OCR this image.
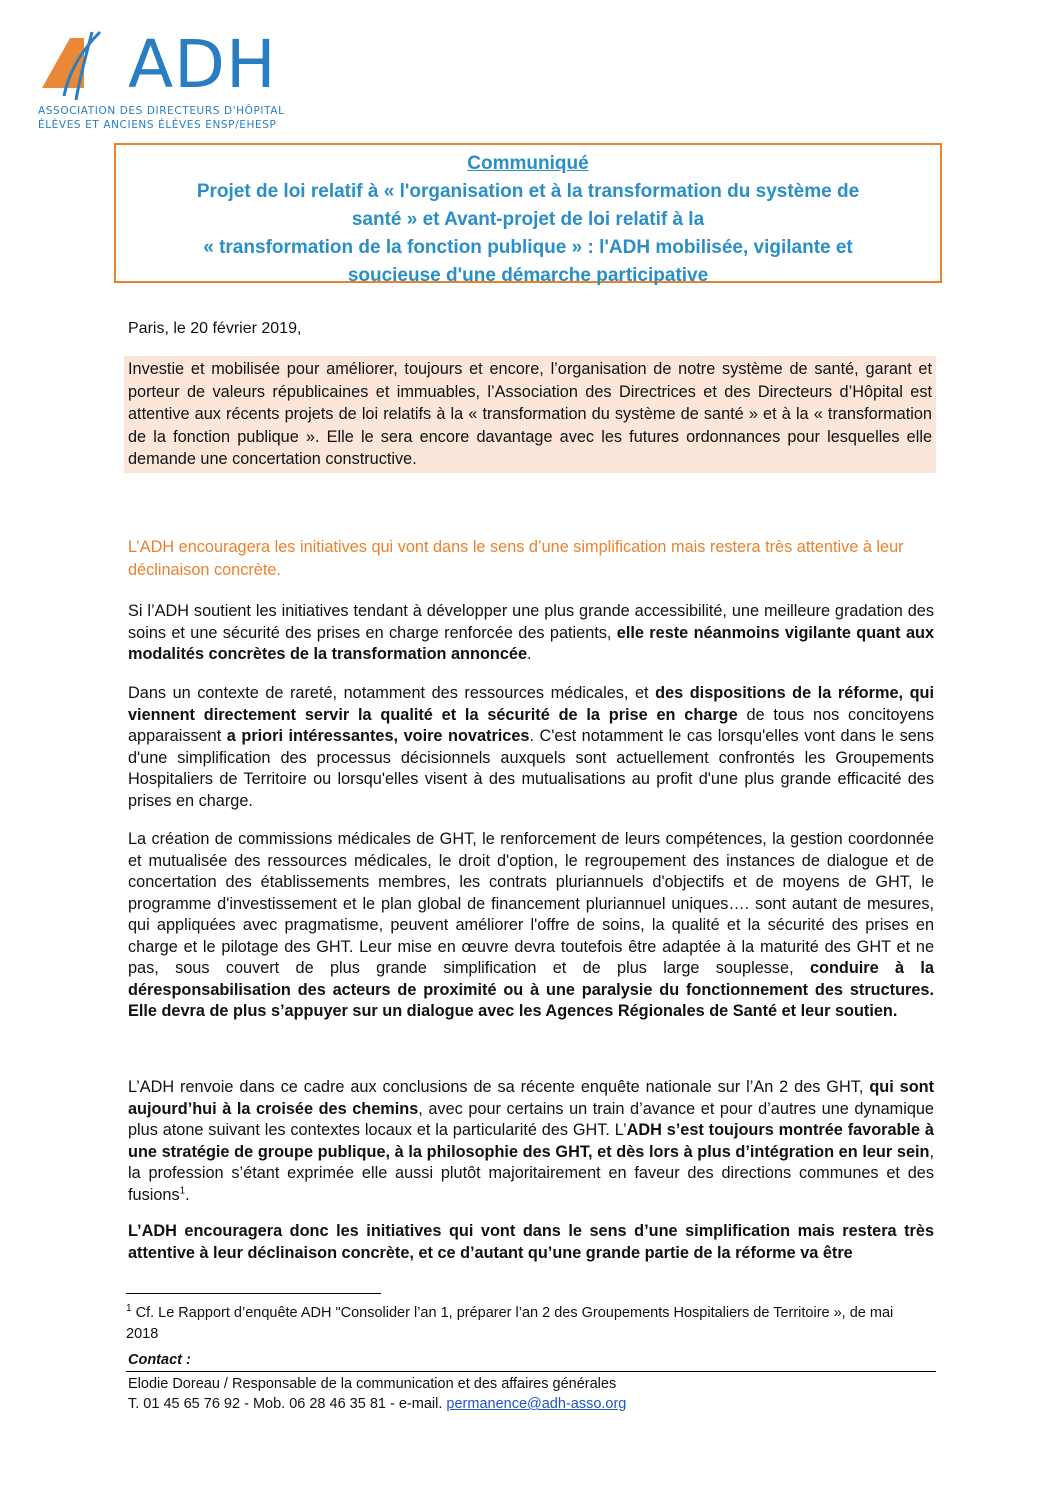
ADH
ASSOCIATION DES DIRECTEURS D'HÔPITAL
ÉLÈVES ET ANCIENS ÉLÈVES ENSP/EHESP
Communiqué
Projet de loi relatif à « l'organisation et à la transformation du système de
santé » et Avant-projet de loi relatif à la
« transformation de la fonction publique » : l'ADH mobilisée, vigilante et
soucieuse d'une démarche participative
Paris, le 20 février 2019,
Investie et mobilisée pour améliorer, toujours et encore, l’organisation de notre système de santé, garant et porteur de valeurs républicaines et immuables, l’Association des Directrices et des Directeurs d’Hôpital est attentive aux récents projets de loi relatifs à la « transformation du système de santé » et à la « transformation de la fonction publique ». Elle le sera encore davantage avec les futures ordonnances pour lesquelles elle demande une concertation constructive.
L’ADH encouragera les initiatives qui vont dans le sens d’une simplification mais restera très attentive à leur déclinaison concrète.
Si l’ADH soutient les initiatives tendant à développer une plus grande accessibilité, une meilleure gradation des soins et une sécurité des prises en charge renforcée des patients, elle reste néanmoins vigilante quant aux modalités concrètes de la transformation annoncée.
Dans un contexte de rareté, notamment des ressources médicales, et des dispositions de la réforme, qui viennent directement servir la qualité et la sécurité de la prise en charge de tous nos concitoyens apparaissent a priori intéressantes, voire novatrices. C'est notamment le cas lorsqu'elles vont dans le sens d'une simplification des processus décisionnels auxquels sont actuellement confrontés les Groupements Hospitaliers de Territoire ou lorsqu'elles visent à des mutualisations au profit d'une plus grande efficacité des prises en charge.
La création de commissions médicales de GHT, le renforcement de leurs compétences, la gestion coordonnée et mutualisée des ressources médicales, le droit d'option, le regroupement des instances de dialogue et de concertation des établissements membres, les contrats pluriannuels d'objectifs et de moyens de GHT, le programme d'investissement et le plan global de financement pluriannuel uniques…. sont autant de mesures, qui appliquées avec pragmatisme, peuvent améliorer l'offre de soins, la qualité et la sécurité des prises en charge et le pilotage des GHT. Leur mise en œuvre devra toutefois être adaptée à la maturité des GHT et ne pas, sous couvert de plus grande simplification et de plus large souplesse, conduire à la déresponsabilisation des acteurs de proximité ou à une paralysie du fonctionnement des structures. Elle devra de plus s’appuyer sur un dialogue avec les Agences Régionales de Santé et leur soutien.
L’ADH renvoie dans ce cadre aux conclusions de sa récente enquête nationale sur l’An 2 des GHT, qui sont aujourd’hui à la croisée des chemins, avec pour certains un train d’avance et pour d’autres une dynamique plus atone suivant les contextes locaux et la particularité des GHT. L’ADH s’est toujours montrée favorable à une stratégie de groupe publique, à la philosophie des GHT, et dès lors à plus d’intégration en leur sein, la profession s’étant exprimée elle aussi plutôt majoritairement en faveur des directions communes et des fusions$^1$.
L’ADH encouragera donc les initiatives qui vont dans le sens d’une simplification mais restera très attentive à leur déclinaison concrète, et ce d’autant qu’une grande partie de la réforme va être
$^1$ Cf. Le Rapport d’enquête ADH "Consolider l’an 1, préparer l’an 2 des Groupements Hospitaliers de Territoire », de mai 2018
Contact :
Elodie Doreau / Responsable de la communication et des affaires générales
T. 01 45 65 76 92 - Mob. 06 28 46 35 81 - e-mail. permanence@adh-asso.org
